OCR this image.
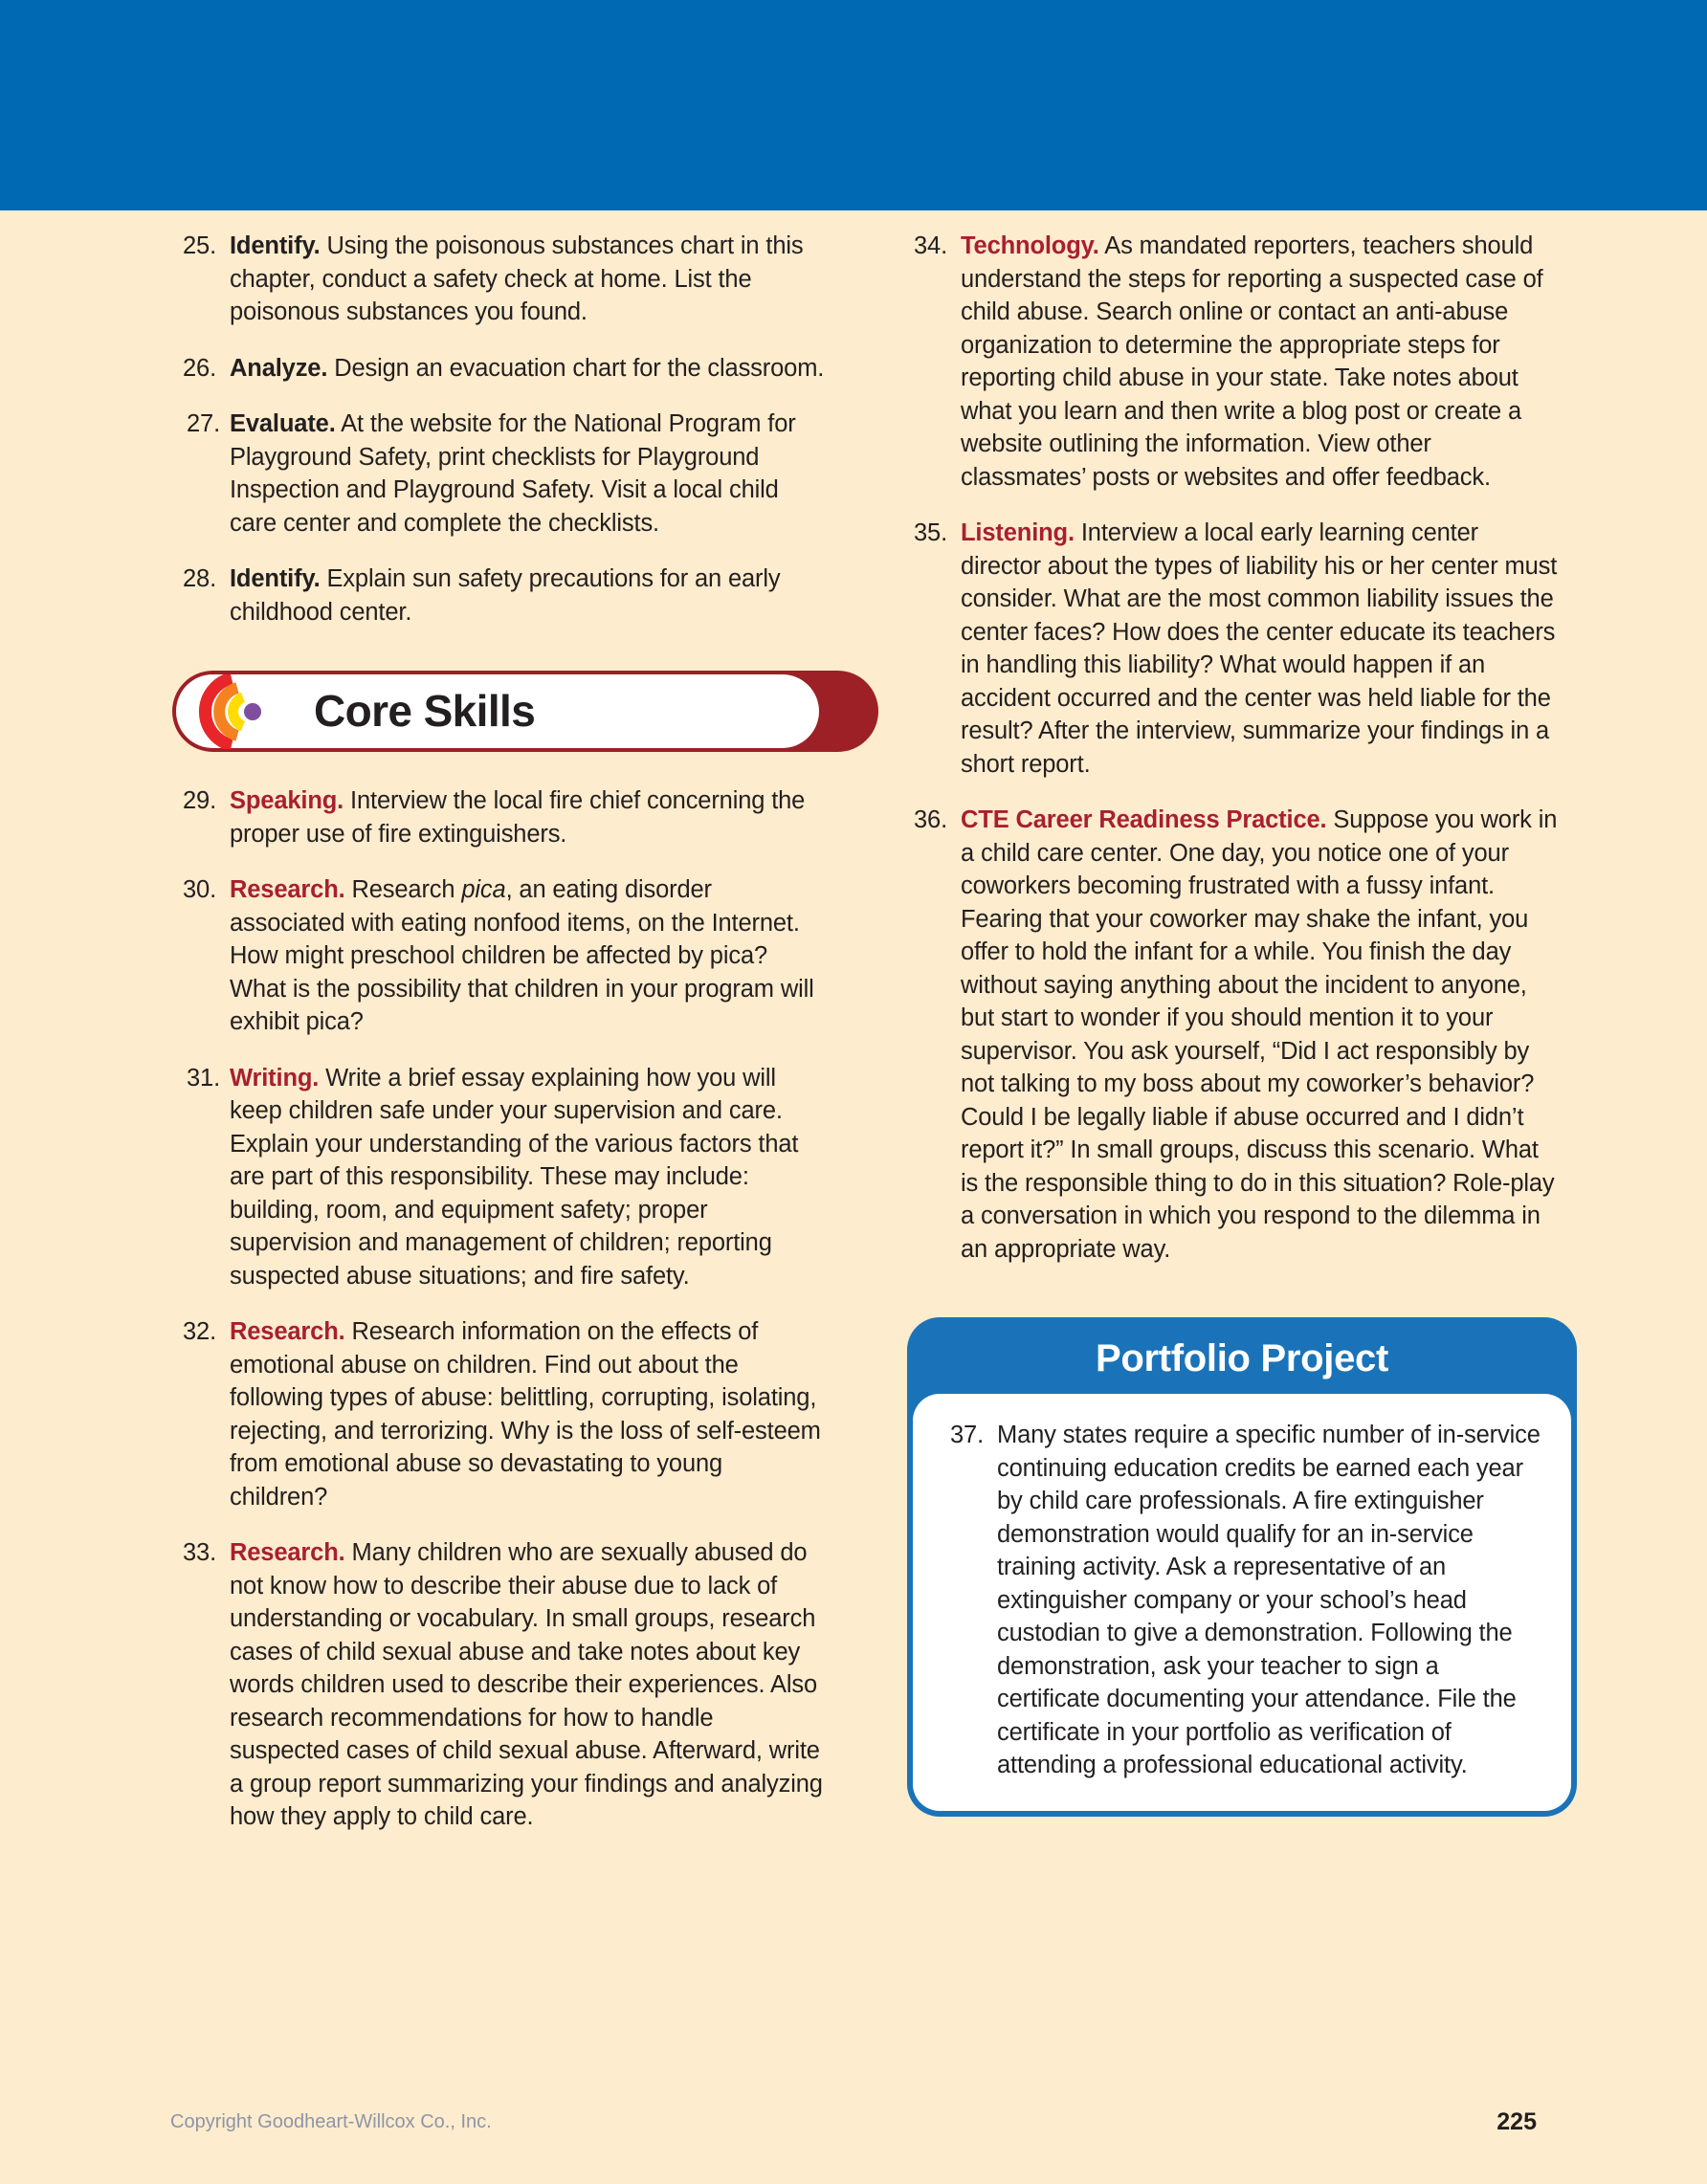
25. Identify. Using the poisonous substances chart in this chapter, conduct a safety check at home. List the poisonous substances you found.
26. Analyze. Design an evacuation chart for the classroom.
27. Evaluate. At the website for the National Program for Playground Safety, print checklists for Playground Inspection and Playground Safety. Visit a local child care center and complete the checklists.
28. Identify. Explain sun safety precautions for an early childhood center.
Core Skills
29. Speaking. Interview the local fire chief concerning the proper use of fire extinguishers.
30. Research. Research pica, an eating disorder associated with eating nonfood items, on the Internet. How might preschool children be affected by pica? What is the possibility that children in your program will exhibit pica?
31. Writing. Write a brief essay explaining how you will keep children safe under your supervision and care. Explain your understanding of the various factors that are part of this responsibility. These may include: building, room, and equipment safety; proper supervision and management of children; reporting suspected abuse situations; and fire safety.
32. Research. Research information on the effects of emotional abuse on children. Find out about the following types of abuse: belittling, corrupting, isolating, rejecting, and terrorizing. Why is the loss of self-esteem from emotional abuse so devastating to young children?
33. Research. Many children who are sexually abused do not know how to describe their abuse due to lack of understanding or vocabulary. In small groups, research cases of child sexual abuse and take notes about key words children used to describe their experiences. Also research recommendations for how to handle suspected cases of child sexual abuse. Afterward, write a group report summarizing your findings and analyzing how they apply to child care.
34. Technology. As mandated reporters, teachers should understand the steps for reporting a suspected case of child abuse. Search online or contact an anti-abuse organization to determine the appropriate steps for reporting child abuse in your state. Take notes about what you learn and then write a blog post or create a website outlining the information. View other classmates’ posts or websites and offer feedback.
35. Listening. Interview a local early learning center director about the types of liability his or her center must consider. What are the most common liability issues the center faces? How does the center educate its teachers in handling this liability? What would happen if an accident occurred and the center was held liable for the result? After the interview, summarize your findings in a short report.
36. CTE Career Readiness Practice. Suppose you work in a child care center. One day, you notice one of your coworkers becoming frustrated with a fussy infant. Fearing that your coworker may shake the infant, you offer to hold the infant for a while. You finish the day without saying anything about the incident to anyone, but start to wonder if you should mention it to your supervisor. You ask yourself, “Did I act responsibly by not talking to my boss about my coworker’s behavior? Could I be legally liable if abuse occurred and I didn’t report it?” In small groups, discuss this scenario. What is the responsible thing to do in this situation? Role-play a conversation in which you respond to the dilemma in an appropriate way.
Portfolio Project
37. Many states require a specific number of in-service continuing education credits be earned each year by child care professionals. A fire extinguisher demonstration would qualify for an in-service training activity. Ask a representative of an extinguisher company or your school’s head custodian to give a demonstration. Following the demonstration, ask your teacher to sign a certificate documenting your attendance. File the certificate in your portfolio as verification of attending a professional educational activity.
Copyright Goodheart-Willcox Co., Inc.	225
